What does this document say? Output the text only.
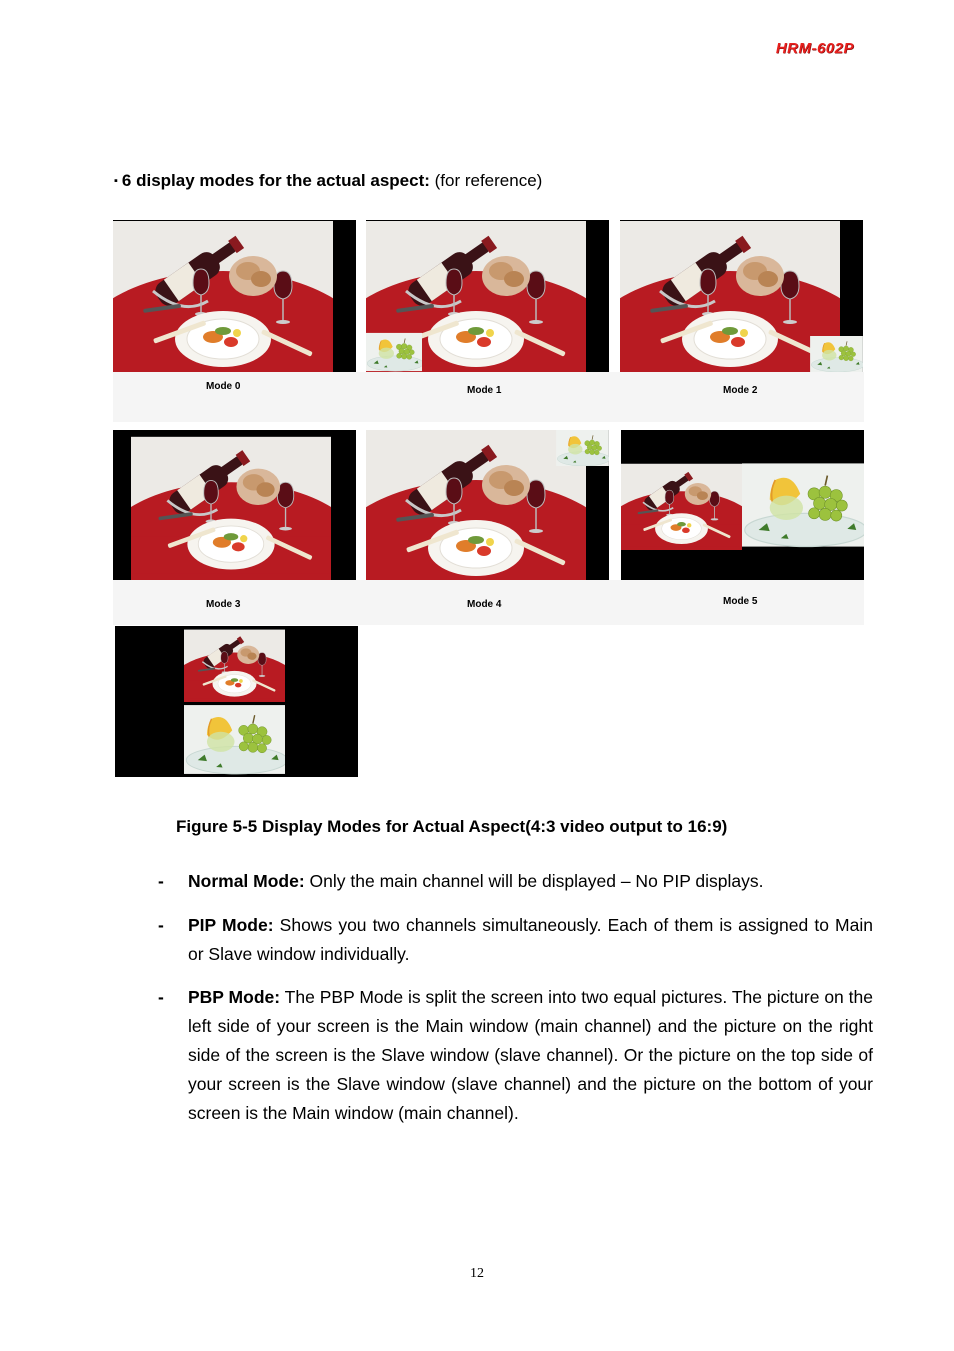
HRM-602P
▪ 6 display modes for the actual aspect: (for reference)
Mode 0	Mode 1	Mode 2
Mode 3	Mode 4	Mode 5
Figure 5-5 Display Modes for Actual Aspect(4:3 video output to 16:9)
- Normal Mode: Only the main channel will be displayed – No PIP displays.
- PIP Mode: Shows you two channels simultaneously. Each of them is assigned to Main or Slave window individually.
- PBP Mode: The PBP Mode is split the screen into two equal pictures. The picture on the left side of your screen is the Main window (main channel) and the picture on the right side of the screen is the Slave window (slave channel). Or the picture on the top side of your screen is the Slave window (slave channel) and the picture on the bottom of your screen is the Main window (main channel).
12
